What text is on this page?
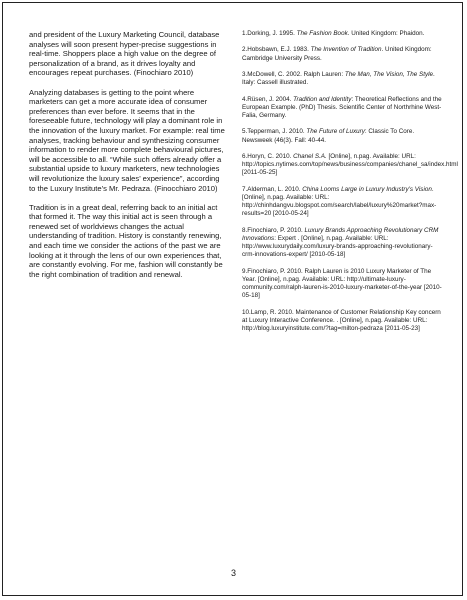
and president of the Luxury Marketing Council, database analyses will soon present hyper-precise suggestions in real-time. Shoppers place a high value on the degree of personalization of a brand, as it drives loyalty and encourages repeat purchases. (Finochiaro 2010)

Analyzing databases is getting to the point where marketers can get a more accurate idea of consumer preferences than ever before. It seems that in the foreseeable future, technology will play a dominant role in the innovation of the luxury market. For example: real time analyses, tracking behaviour and synthesizing consumer information to render more complete behavioural pictures, will be accessible to all. “While such offers already offer a substantial upside to luxury marketers, new technologies will revolutionize the luxury sales’ experience”, according to the Luxury Institute’s Mr. Pedraza. (Finocchiaro 2010)

Tradition is in a great deal, referring back to an initial act that formed it. The way this initial act is seen through a renewed set of worldviews changes the actual understanding of tradition. History is constantly renewing, and each time we consider the actions of the past we are looking at it through the lens of our own experiences that, are constantly evolving. For me, fashion will constantly be the right combination of tradition and renewal.

1.Dorking, J. 1995. The Fashion Book. United Kingdom: Phaidon.

2.Hobsbawn, E.J. 1983. The Invention of Tradition. United Kingdom: Cambridge University Press.

3.McDowell, C. 2002. Ralph Lauren: The Man, The Vision, The Style. Italy: Cassell illustrated.

4.Rüsen, J. 2004. Tradition and Identity: Theoretical Reflections and the European Example. (PhD) Thesis. Scientific Center of Northrhine West-Falia, Germany.

5.Tepperman, J. 2010. The Future of Luxury: Classic To Core. Newsweek (46(3). Fall: 40-44.

6.Horyn, C. 2010. Chanel S.A. [Online], n.pag. Available: URL: http://topics.nytimes.com/top/news/business/companies/chanel_sa/index.html [2011-05-25]

7.Alderman, L. 2010. China Looms Large in Luxury Industry’s Vision. [Online], n.pag. Available: URL: http://chinhdangvu.blogspot.com/search/label/luxury%20market?max-results=20 [2010-05-24]

8.Finochiaro, P. 2010. Luxury Brands Approaching Revolutionary CRM Innovations: Expert . [Online], n.pag. Available: URL: http://www.luxurydaily.com/luxury-brands-approaching-revolutionary-crm-innovations-expert/ [2010-05-18]

9.Finochiaro, P. 2010. Ralph Lauren is 2010 Luxury Marketer of The Year. [Online], n.pag. Available: URL: http://ultimate-luxury-community.com/ralph-lauren-is-2010-luxury-marketer-of-the-year [2010-05-18]

10.Lamp, R. 2010. Maintenance of Customer Relationship Key concern at Luxury Interactive Conference. . [Online], n.pag. Available: URL: http://blog.luxuryinstitute.com/?tag=milton-pedraza [2011-05-23]

3
